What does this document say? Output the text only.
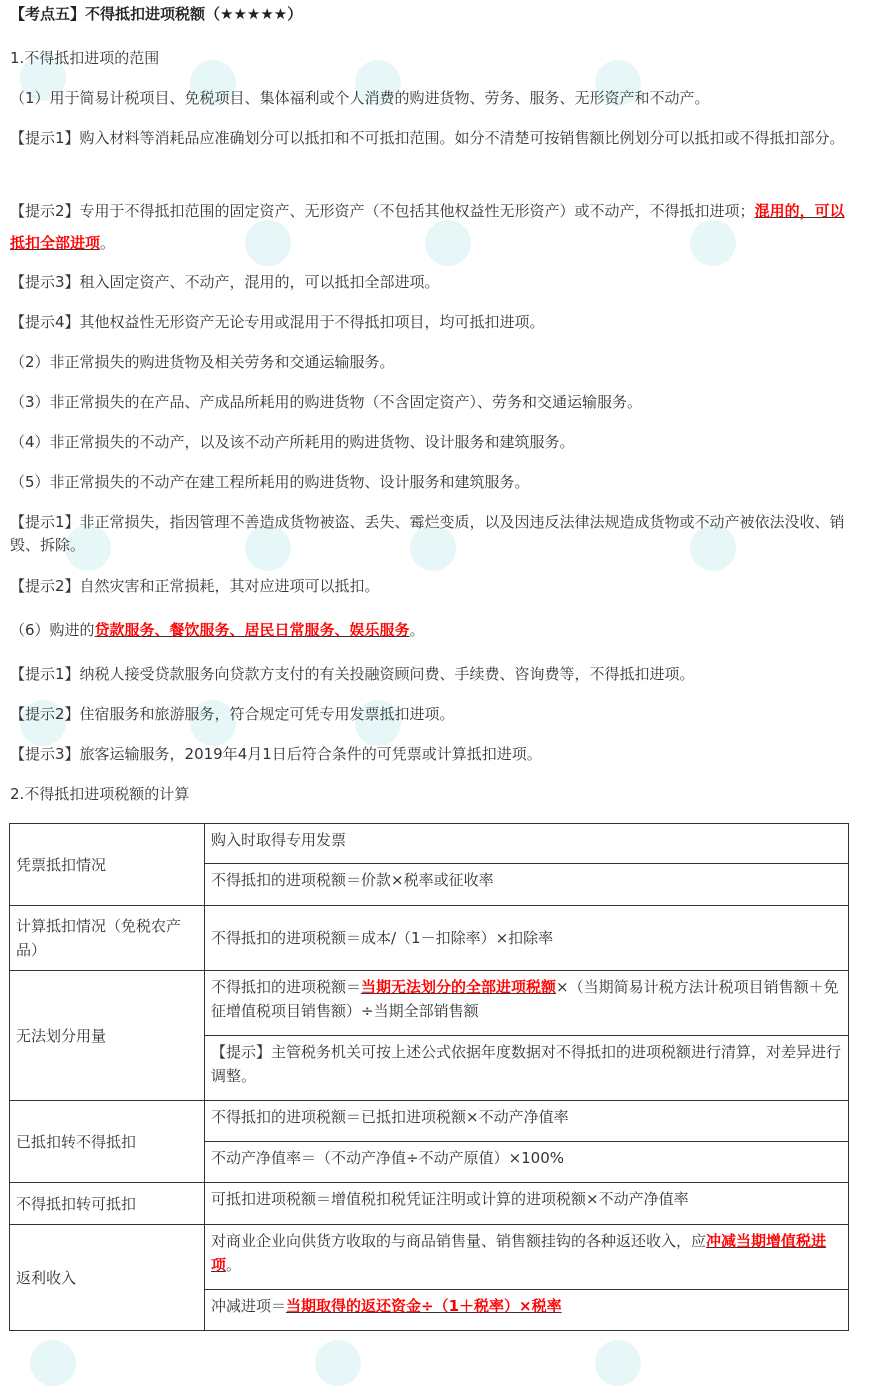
【考点五】不得抵扣进项税额（★★★★★）
1.不得抵扣进项的范围
（1）用于简易计税项目、免税项目、集体福利或个人消费的购进货物、劳务、服务、无形资产和不动产。
【提示1】购入材料等消耗品应准确划分可以抵扣和不可抵扣范围。如分不清楚可按销售额比例划分可以抵扣或不得抵扣部分。
【提示2】专用于不得抵扣范围的固定资产、无形资产（不包括其他权益性无形资产）或不动产，不得抵扣进项；混用的，可以抵扣全部进项。
【提示3】租入固定资产、不动产，混用的，可以抵扣全部进项。
【提示4】其他权益性无形资产无论专用或混用于不得抵扣项目，均可抵扣进项。
（2）非正常损失的购进货物及相关劳务和交通运输服务。
（3）非正常损失的在产品、产成品所耗用的购进货物（不含固定资产）、劳务和交通运输服务。
（4）非正常损失的不动产，以及该不动产所耗用的购进货物、设计服务和建筑服务。
（5）非正常损失的不动产在建工程所耗用的购进货物、设计服务和建筑服务。
【提示1】非正常损失，指因管理不善造成货物被盗、丢失、霉烂变质，以及因违反法律法规造成货物或不动产被依法没收、销毁、拆除。
【提示2】自然灾害和正常损耗，其对应进项可以抵扣。
（6）购进的贷款服务、餐饮服务、居民日常服务、娱乐服务。
【提示1】纳税人接受贷款服务向贷款方支付的有关投融资顾问费、手续费、咨询费等，不得抵扣进项。
【提示2】住宿服务和旅游服务，符合规定可凭专用发票抵扣进项。
【提示3】旅客运输服务，2019年4月1日后符合条件的可凭票或计算抵扣进项。
2.不得抵扣进项税额的计算
凭票抵扣情况	购入时取得专用发票
	不得抵扣的进项税额＝价款×税率或征收率
计算抵扣情况（免税农产品）	不得抵扣的进项税额＝成本/（1－扣除率）×扣除率
无法划分用量	不得抵扣的进项税额＝当期无法划分的全部进项税额×（当期简易计税方法计税项目销售额＋免征增值税项目销售额）÷当期全部销售额
	【提示】主管税务机关可按上述公式依据年度数据对不得抵扣的进项税额进行清算，对差异进行调整。
已抵扣转不得抵扣	不得抵扣的进项税额＝已抵扣进项税额×不动产净值率
	不动产净值率＝（不动产净值÷不动产原值）×100%
不得抵扣转可抵扣	可抵扣进项税额＝增值税扣税凭证注明或计算的进项税额×不动产净值率
返利收入	对商业企业向供货方收取的与商品销售量、销售额挂钩的各种返还收入，应冲减当期增值税进项。
	冲减进项＝当期取得的返还资金÷（1＋税率）×税率
